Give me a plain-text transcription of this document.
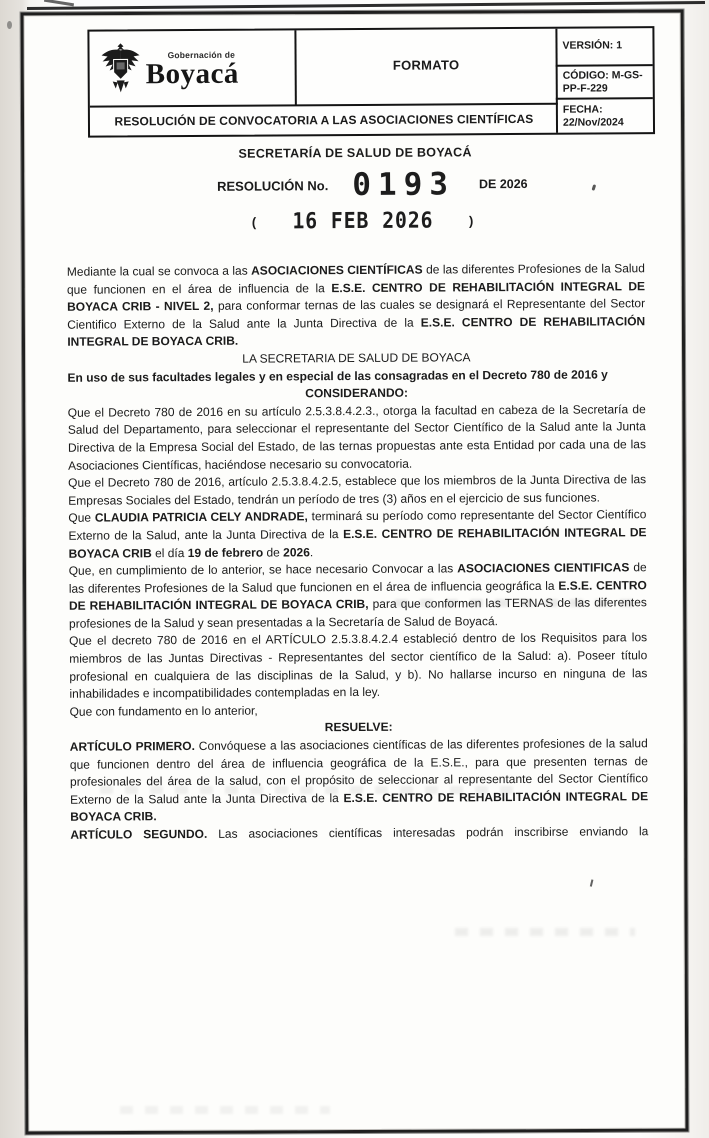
Gobernación de
Boyacá	FORMATO
VERSIÓN: 1
CÓDIGO: M-GS-PP-F-229
FECHA:
22/Nov/2024
RESOLUCIÓN DE CONVOCATORIA A LAS ASOCIACIONES CIENTÍFICAS
SECRETARÍA DE SALUD DE BOYACÁ
RESOLUCIÓN No. 0193 DE 2026
( 16 FEB 2026	)

Mediante la cual se convoca a las ASOCIACIONES CIENTÍFICAS de las diferentes Profesiones de la Salud que funcionen en el área de influencia de la E.S.E. CENTRO DE REHABILITACIÓN INTEGRAL DE BOYACA CRIB - NIVEL 2, para conformar ternas de las cuales se designará el Representante del Sector Cientifico Externo de la Salud ante la Junta Directiva de la E.S.E. CENTRO DE REHABILITACIÓN INTEGRAL DE BOYACA CRIB.

LA SECRETARIA DE SALUD DE BOYACA

En uso de sus facultades legales y en especial de las consagradas en el Decreto 780 de 2016 y

CONSIDERANDO:

Que el Decreto 780 de 2016 en su artículo 2.5.3.8.4.2.3., otorga la facultad en cabeza de la Secretaría de Salud del Departamento, para seleccionar el representante del Sector Científico de la Salud ante la Junta Directiva de la Empresa Social del Estado, de las ternas propuestas ante esta Entidad por cada una de las Asociaciones Científicas, haciéndose necesario su convocatoria.

Que el Decreto 780 de 2016, artículo 2.5.3.8.4.2.5, establece que los miembros de la Junta Directiva de las Empresas Sociales del Estado, tendrán un período de tres (3) años en el ejercicio de sus funciones.

Que CLAUDIA PATRICIA CELY ANDRADE, terminará su período como representante del Sector Científico Externo de la Salud, ante la Junta Directiva de la E.S.E. CENTRO DE REHABILITACIÓN INTEGRAL DE BOYACA CRIB el día 19 de febrero de 2026.

Que, en cumplimiento de lo anterior, se hace necesario Convocar a las ASOCIACIONES CIENTIFICAS de las diferentes Profesiones de la Salud que funcionen en el área de influencia geográfica la E.S.E. CENTRO DE REHABILITACIÓN INTEGRAL DE BOYACA CRIB, para que conformen las TERNAS de las diferentes profesiones de la Salud y sean presentadas a la Secretaría de Salud de Boyacá.

Que el decreto 780 de 2016 en el ARTÍCULO 2.5.3.8.4.2.4 estableció dentro de los Requisitos para los miembros de las Juntas Directivas - Representantes del sector científico de la Salud: a). Poseer título profesional en cualquiera de las disciplinas de la Salud, y b). No hallarse incurso en ninguna de las inhabilidades e incompatibilidades contempladas en la ley.

Que con fundamento en lo anterior,

RESUELVE:

ARTÍCULO PRIMERO. Convóquese a las asociaciones científicas de las diferentes profesiones de la salud que funcionen dentro del área de influencia geográfica de la E.S.E., para que presenten ternas de profesionales del área de la salud, con el propósito de seleccionar al representante del Sector Científico Externo de la Salud ante la Junta Directiva de la E.S.E. CENTRO DE REHABILITACIÓN INTEGRAL DE BOYACA CRIB.

ARTÍCULO SEGUNDO. Las asociaciones científicas interesadas podrán inscribirse enviando la
